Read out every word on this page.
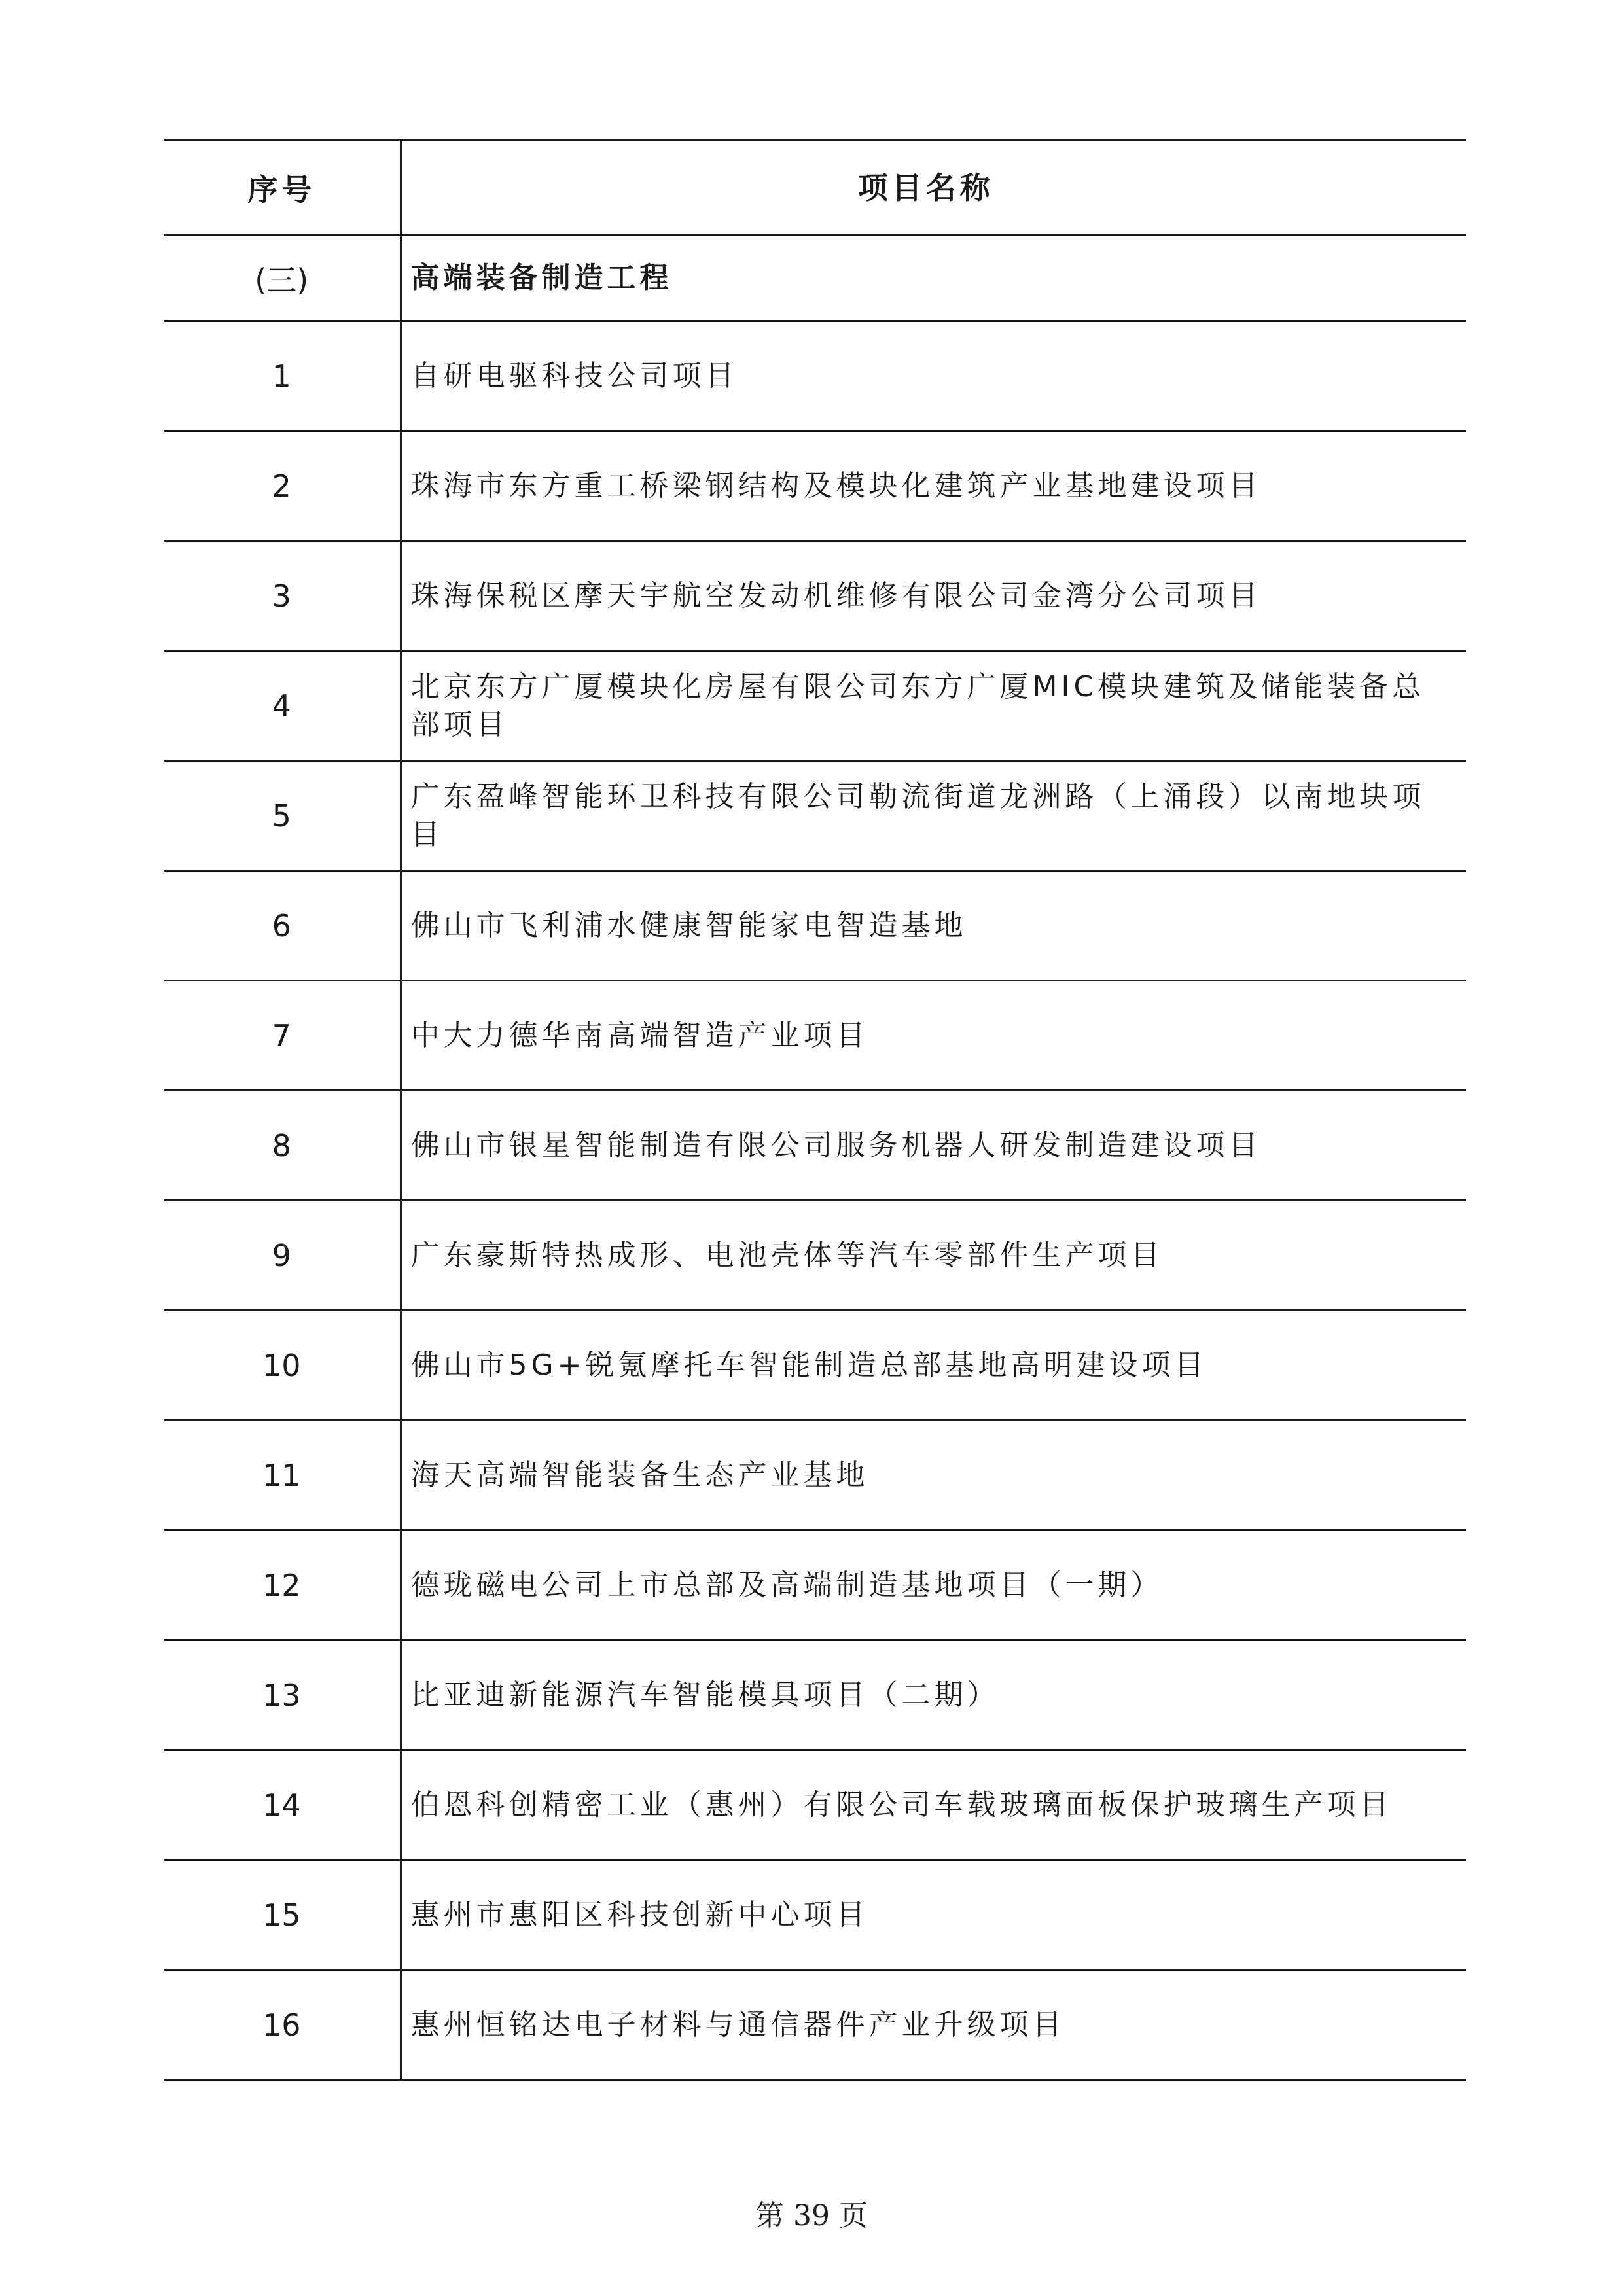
序号	项目名称
(三)	高端装备制造工程
1	自研电驱科技公司项目
2	珠海市东方重工桥梁钢结构及模块化建筑产业基地建设项目
3	珠海保税区摩天宇航空发动机维修有限公司金湾分公司项目
4	北京东方广厦模块化房屋有限公司东方广厦MIC模块建筑及储能装备总部项目
5	广东盈峰智能环卫科技有限公司勒流街道龙洲路（上涌段）以南地块项目
6	佛山市飞利浦水健康智能家电智造基地
7	中大力德华南高端智造产业项目
8	佛山市银星智能制造有限公司服务机器人研发制造建设项目
9	广东豪斯特热成形、电池壳体等汽车零部件生产项目
10	佛山市5G+锐氪摩托车智能制造总部基地高明建设项目
11	海天高端智能装备生态产业基地
12	德珑磁电公司上市总部及高端制造基地项目（一期）
13	比亚迪新能源汽车智能模具项目（二期）
14	伯恩科创精密工业（惠州）有限公司车载玻璃面板保护玻璃生产项目
15	惠州市惠阳区科技创新中心项目
16	惠州恒铭达电子材料与通信器件产业升级项目
第 39 页
